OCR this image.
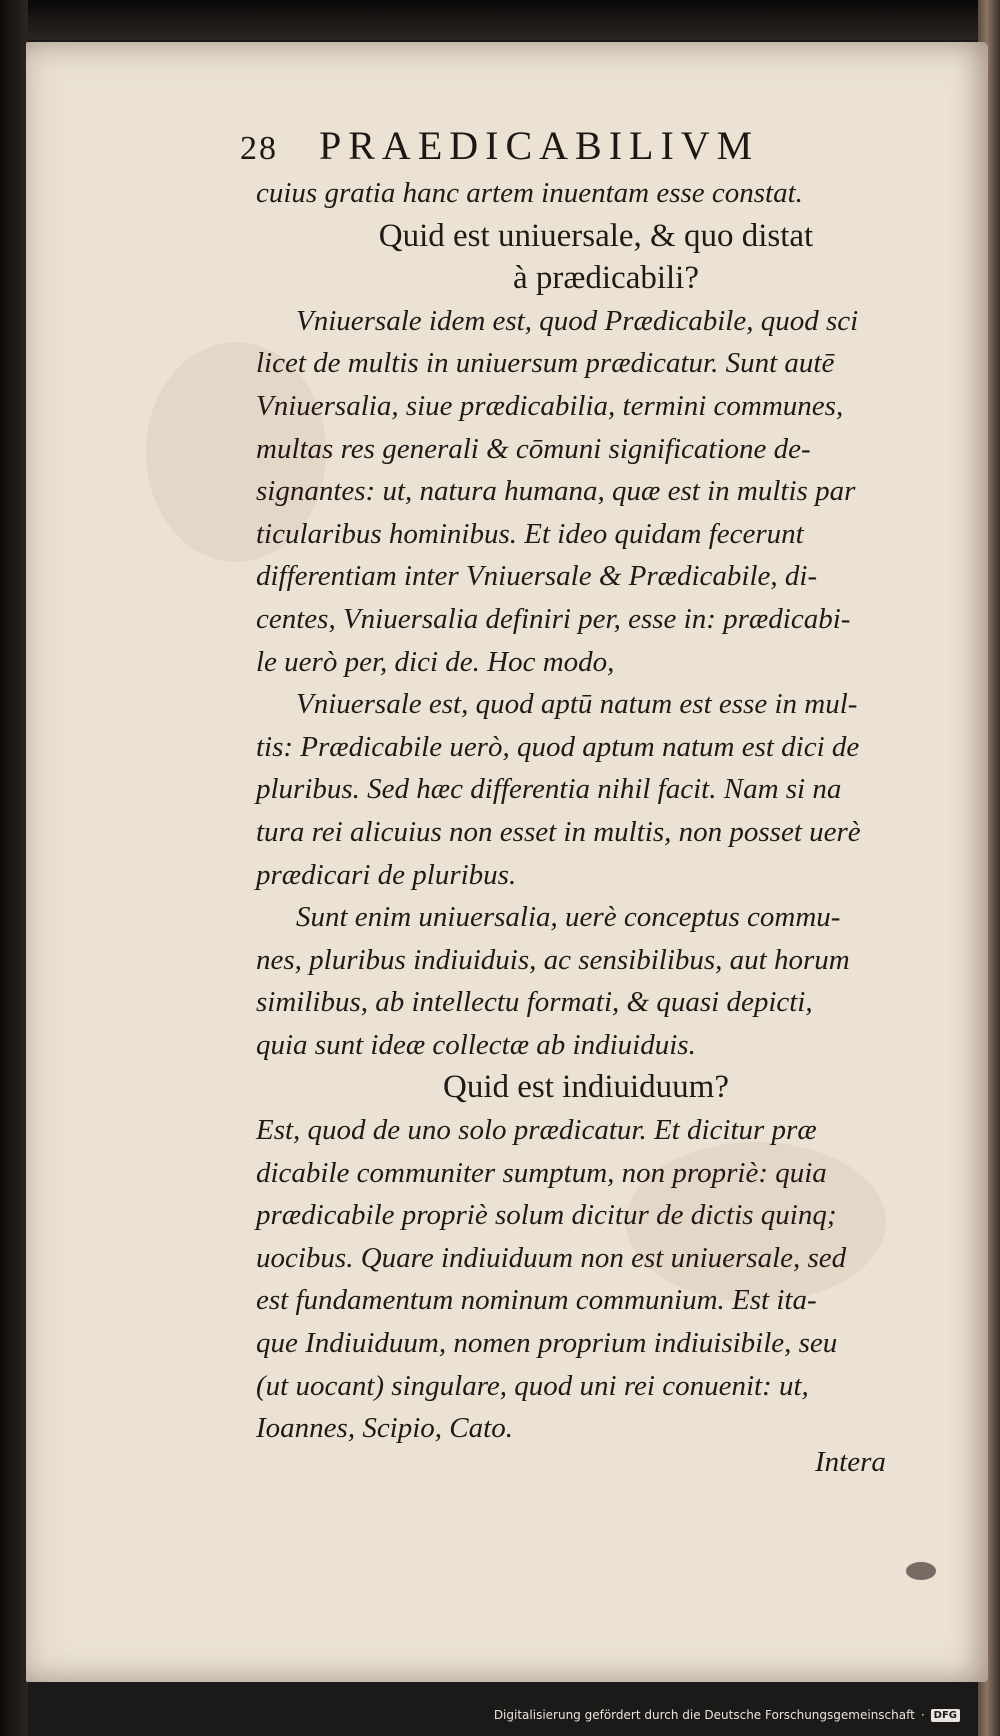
28 PRAEDICABILIVM
cuius gratia hanc artem inuentam esse constat.
Quid est uniuersale, & quo distat
à prædicabili?
Vniuersale idem est, quod Prædicabile, quod sci
licet de multis in uniuersum prædicatur. Sunt autē
Vniuersalia, siue prædicabilia, termini communes,
multas res generali & cōmuni significatione de-
signantes: ut, natura humana, quæ est in multis par
ticularibus hominibus. Et ideo quidam fecerunt
differentiam inter Vniuersale & Prædicabile, di-
centes, Vniuersalia definiri per, esse in: prædicabi-
le uerò per, dici de. Hoc modo,
Vniuersale est, quod aptū natum est esse in mul-
tis: Prædicabile uerò, quod aptum natum est dici de
pluribus. Sed hæc differentia nihil facit. Nam si na
tura rei alicuius non esset in multis, non posset uerè
prædicari de pluribus.
Sunt enim uniuersalia, uerè conceptus commu-
nes, pluribus indiuiduis, ac sensibilibus, aut horum
similibus, ab intellectu formati, & quasi depicti,
quia sunt ideæ collectæ ab indiuiduis.
Quid est indiuiduum?
Est, quod de uno solo prædicatur. Et dicitur præ
dicabile communiter sumptum, non propriè: quia
prædicabile propriè solum dicitur de dictis quinq;
uocibus. Quare indiuiduum non est uniuersale, sed
est fundamentum nominum communium. Est ita-
que Indiuiduum, nomen proprium indiuisibile, seu
(ut uocant) singulare, quod uni rei conuenit: ut,
Ioannes, Scipio, Cato.
Intera
Digitalisierung gefördert durch die Deutsche Forschungsgemeinschaft · DFG
